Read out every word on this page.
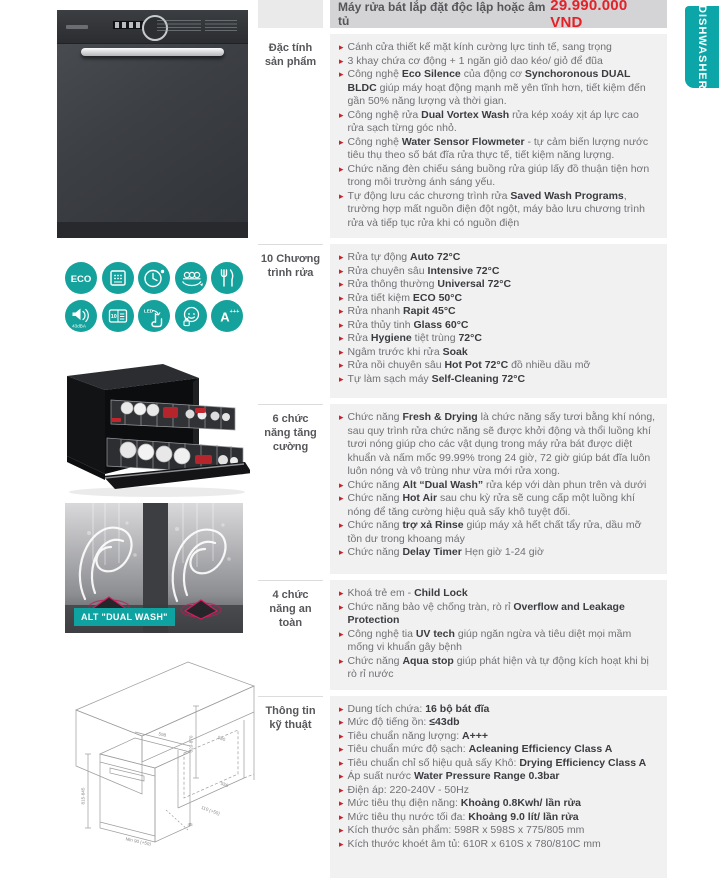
ECO
43dBA
10
LED	A +++
ALT "DUAL WASH"
815-845
598
820-870	580
550
110 (+50)
45
Min 90 (+50)
Máy rửa bát lắp đặt độc lập hoặc âm tủ
29.990.000 VND
Đặc tính sản phẩm
▸ Cánh cửa thiết kế mặt kính cường lực tinh tế, sang trọng
▸ 3 khay chứa cơ động + 1 ngăn giỏ dao kéo/ giỏ để đũa
▸ Công nghệ Eco Silence của động cơ Synchoronous DUAL BLDC giúp máy hoạt động mạnh mẽ yên tĩnh hơn, tiết kiệm đến gần 50% năng lượng và thời gian.
▸ Công nghệ rửa Dual Vortex Wash rửa kép xoáy xịt áp lực cao rửa sạch từng góc nhỏ.
▸ Công nghệ Water Sensor Flowmeter - tự cảm biến lượng nước tiêu thụ theo số bát đĩa rửa thực tế, tiết kiệm năng lượng.
▸ Chức năng đèn chiếu sáng buồng rửa giúp lấy đồ thuận tiện hơn trong môi trường ánh sáng yếu.
▸ Tự động lưu các chương trình rửa Saved Wash Programs, trường hợp mất nguồn điện đột ngột, máy bảo lưu chương trình rửa và tiếp tục rửa khi có nguồn điện
10 Chương trình rửa
▸ Rửa tự động Auto 72°C
▸ Rửa chuyên sâu Intensive 72°C
▸ Rửa thông thường Universal 72°C
▸ Rửa tiết kiệm ECO 50°C
▸ Rửa nhanh Rapit 45°C
▸ Rửa thủy tinh Glass 60°C
▸ Rửa Hygiene tiệt trùng 72°C
▸ Ngâm trước khi rửa Soak
▸ Rửa nồi chuyên sâu Hot Pot 72°C đồ nhiều dầu mỡ
▸ Tự làm sạch máy Self-Cleaning 72°C
6 chức năng tăng cường
▸ Chức năng Fresh & Drying là chức năng sấy tươi bằng khí nóng, sau quy trình rửa chức năng sẽ được khởi động và thổi luồng khí tươi nóng giúp cho các vật dụng trong máy rửa bát được diệt khuẩn và nấm mốc 99.99% trong 24 giờ, 72 giờ giúp bát đĩa luôn luôn nóng và vô trùng như vừa mới rửa xong.
▸ Chức năng Alt “Dual Wash” rửa kép với dàn phun trên và dưới
▸ Chức năng Hot Air sau chu kỳ rửa sẽ cung cấp một luồng khí nóng để tăng cường hiệu quả sấy khô tuyệt đối.
▸ Chức năng trợ xả Rinse giúp máy xả hết chất tẩy rửa, dầu mỡ tồn dư trong khoang máy
▸ Chức năng Delay Timer Hẹn giờ 1-24 giờ
4 chức năng an toàn
▸ Khoá trẻ em - Child Lock
▸ Chức năng bảo vệ chống tràn, rò rỉ Overflow and Leakage Protection
▸ Công nghệ tia UV tech giúp ngăn ngừa và tiêu diệt mọi mầm mống vi khuẩn gây bệnh
▸ Chức năng Aqua stop giúp phát hiện và tự động kích hoạt khi bị rò rỉ nước
Thông tin kỹ thuật
▸ Dung tích chứa: 16 bộ bát đĩa
▸ Mức độ tiếng ồn: ≤43db
▸ Tiêu chuẩn năng lượng: A+++
▸ Tiêu chuẩn mức độ sạch: Acleaning Efficiency Class A
▸ Tiêu chuẩn chỉ số hiệu quả sấy Khô: Drying Efficiency Class A
▸ Áp suất nước Water Pressure Range 0.3bar
▸ Điện áp: 220-240V - 50Hz
▸ Mức tiêu thụ điện năng: Khoảng 0.8Kwh/ lần rửa
▸ Mức tiêu thụ nước tối đa: Khoảng 9.0 lít/ lần rửa
▸ Kích thước sản phẩm: 598R x 598S x 775/805 mm
▸ Kích thước khoét âm tủ: 610R x 610S x 780/810C mm
DISHWASHER
